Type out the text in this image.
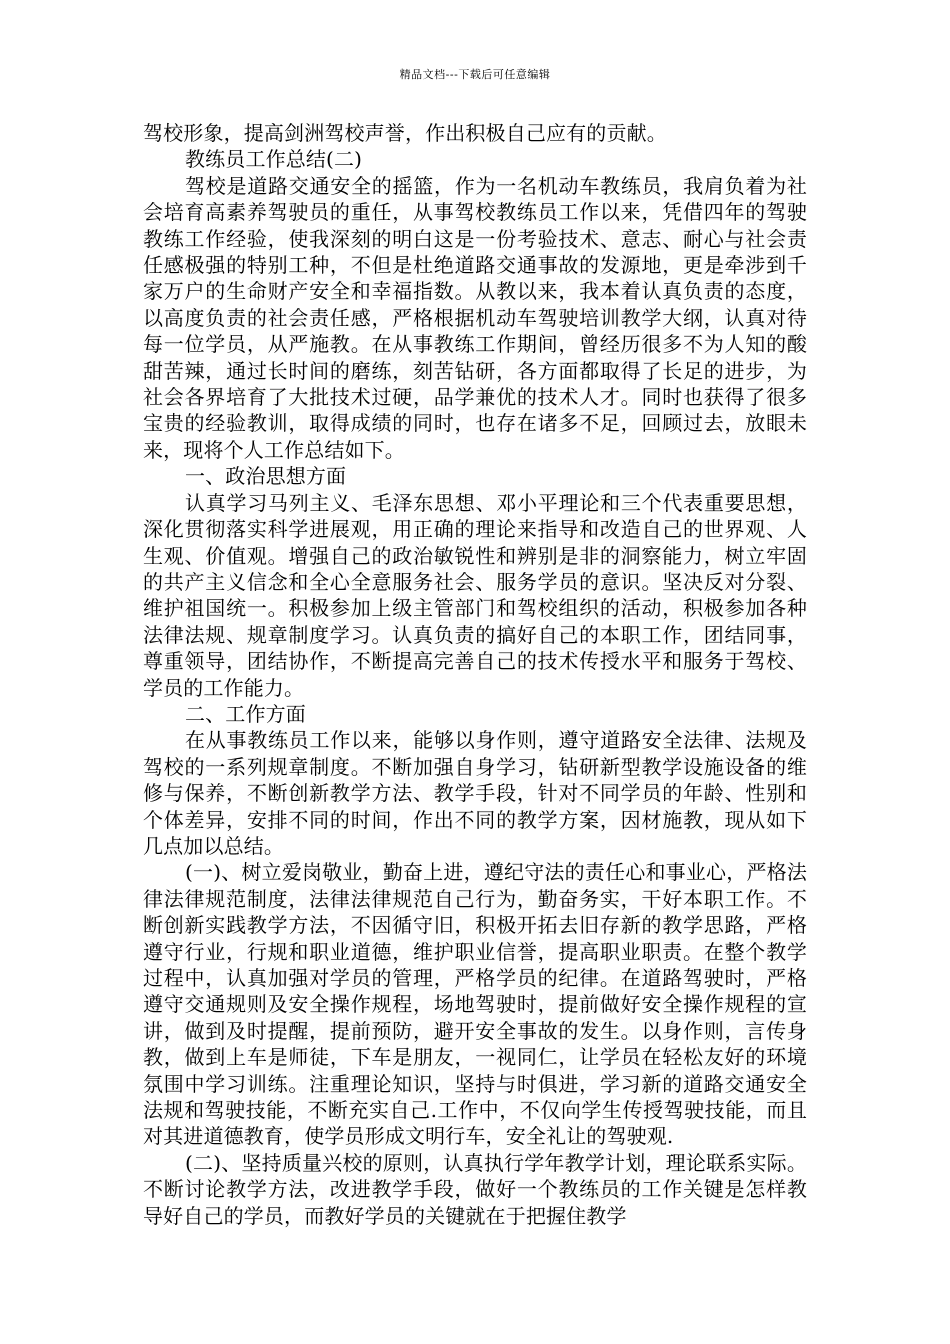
精品文档---下载后可任意编辑

驾校形象，提高剑洲驾校声誉，作出积极自己应有的贡献。

教练员工作总结(二)

驾校是道路交通安全的摇篮，作为一名机动车教练员，我肩负着为社会培育高素养驾驶员的重任，从事驾校教练员工作以来，凭借四年的驾驶教练工作经验，使我深刻的明白这是一份考验技术、意志、耐心与社会责任感极强的特别工种，不但是杜绝道路交通事故的发源地，更是牵涉到千家万户的生命财产安全和幸福指数。从教以来，我本着认真负责的态度，以高度负责的社会责任感，严格根据机动车驾驶培训教学大纲，认真对待每一位学员，从严施教。在从事教练工作期间，曾经历很多不为人知的酸甜苦辣，通过长时间的磨练，刻苦钻研，各方面都取得了长足的进步，为社会各界培育了大批技术过硬，品学兼优的技术人才。同时也获得了很多宝贵的经验教训，取得成绩的同时，也存在诸多不足，回顾过去，放眼未来，现将个人工作总结如下。

一、政治思想方面

认真学习马列主义、毛泽东思想、邓小平理论和三个代表重要思想，深化贯彻落实科学进展观，用正确的理论来指导和改造自己的世界观、人生观、价值观。增强自己的政治敏锐性和辨别是非的洞察能力，树立牢固的共产主义信念和全心全意服务社会、服务学员的意识。坚决反对分裂、维护祖国统一。积极参加上级主管部门和驾校组织的活动，积极参加各种法律法规、规章制度学习。认真负责的搞好自己的本职工作，团结同事，尊重领导，团结协作，不断提高完善自己的技术传授水平和服务于驾校、学员的工作能力。

二、工作方面

在从事教练员工作以来，能够以身作则，遵守道路安全法律、法规及驾校的一系列规章制度。不断加强自身学习，钻研新型教学设施设备的维修与保养，不断创新教学方法、教学手段，针对不同学员的年龄、性别和个体差异，安排不同的时间，作出不同的教学方案，因材施教，现从如下几点加以总结。

(一)、树立爱岗敬业，勤奋上进，遵纪守法的责任心和事业心，严格法律法律规范制度，法律法律规范自己行为，勤奋务实，干好本职工作。不断创新实践教学方法，不因循守旧，积极开拓去旧存新的教学思路，严格遵守行业，行规和职业道德，维护职业信誉，提高职业职责。在整个教学过程中，认真加强对学员的管理，严格学员的纪律。在道路驾驶时，严格遵守交通规则及安全操作规程，场地驾驶时，提前做好安全操作规程的宣讲，做到及时提醒，提前预防，避开安全事故的发生。以身作则，言传身教，做到上车是师徒，下车是朋友，一视同仁，让学员在轻松友好的环境氛围中学习训练。注重理论知识，坚持与时俱进，学习新的道路交通安全法规和驾驶技能，不断充实自己.工作中，不仅向学生传授驾驶技能，而且对其进道德教育，使学员形成文明行车，安全礼让的驾驶观.

(二)、坚持质量兴校的原则，认真执行学年教学计划，理论联系实际。不断讨论教学方法，改进教学手段，做好一个教练员的工作关键是怎样教导好自己的学员，而教好学员的关键就在于把握住教学
